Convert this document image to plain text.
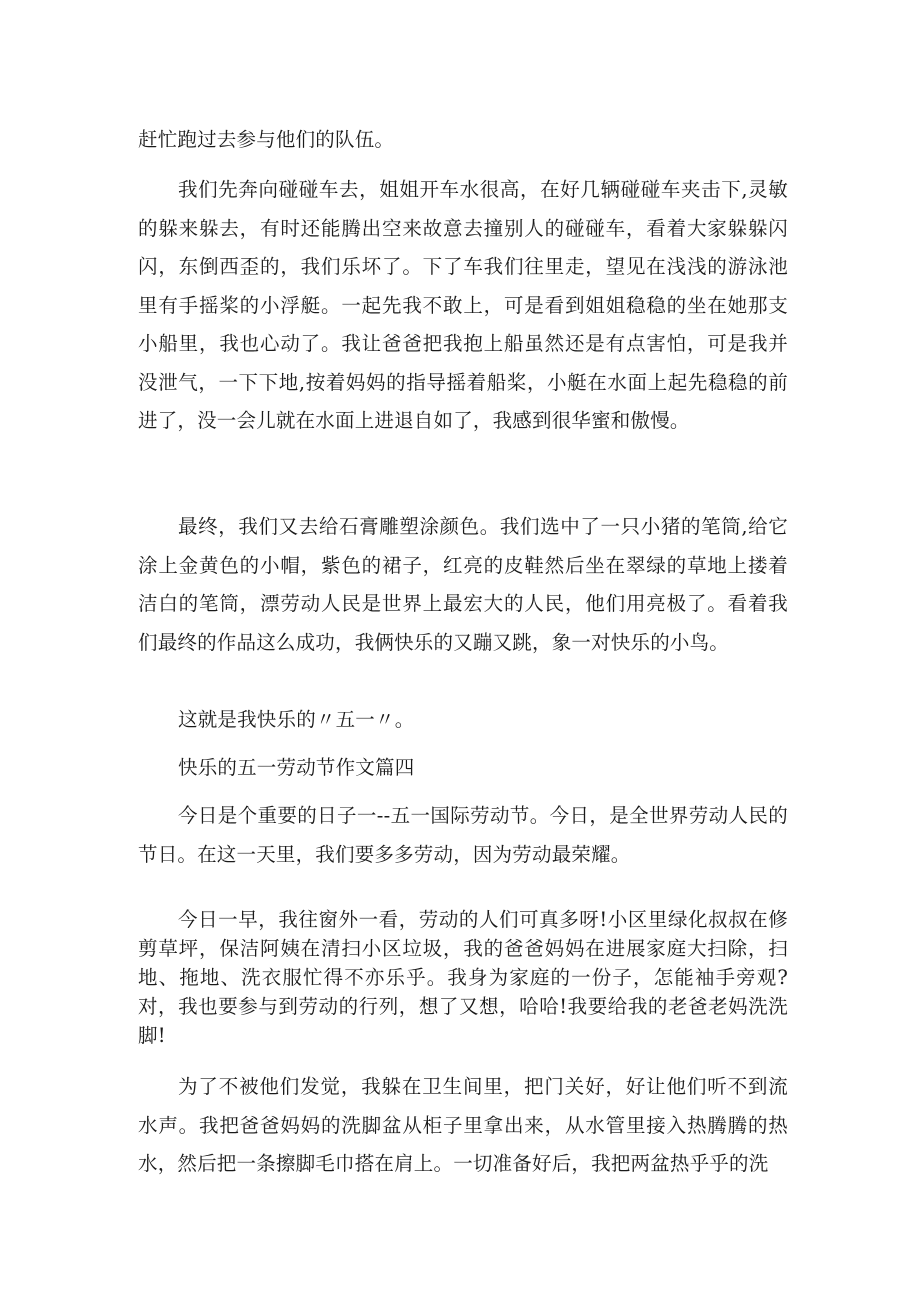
赶忙跑过去参与他们的队伍。

我们先奔向碰碰车去，姐姐开车水很高，在好几辆碰碰车夹击下,灵敏的躲来躲去，有时还能腾出空来故意去撞别人的碰碰车，看着大家躲躲闪闪，东倒西歪的，我们乐坏了。下了车我们往里走，望见在浅浅的游泳池里有手摇桨的小浮艇。一起先我不敢上，可是看到姐姐稳稳的坐在她那支小船里，我也心动了。我让爸爸把我抱上船虽然还是有点害怕，可是我并没泄气，一下下地,按着妈妈的指导摇着船桨，小艇在水面上起先稳稳的前进了，没一会儿就在水面上进退自如了，我感到很华蜜和傲慢。

最终，我们又去给石膏雕塑涂颜色。我们选中了一只小猪的笔筒,给它涂上金黄色的小帽，紫色的裙子，红亮的皮鞋然后坐在翠绿的草地上搂着洁白的笔筒，漂劳动人民是世界上最宏大的人民，他们用亮极了。看着我们最终的作品这么成功，我俩快乐的又蹦又跳，象一对快乐的小鸟。

这就是我快乐的〃五一〃。

快乐的五一劳动节作文篇四

今日是个重要的日子一--五一国际劳动节。今日，是全世界劳动人民的节日。在这一天里，我们要多多劳动，因为劳动最荣耀。

今日一早，我往窗外一看，劳动的人们可真多呀!小区里绿化叔叔在修剪草坪，保洁阿姨在清扫小区垃圾，我的爸爸妈妈在进展家庭大扫除，扫地、拖地、洗衣服忙得不亦乐乎。我身为家庭的一份子，怎能袖手旁观?对，我也要参与到劳动的行列，想了又想，哈哈!我要给我的老爸老妈洗洗脚!

为了不被他们发觉，我躲在卫生间里，把门关好，好让他们听不到流水声。我把爸爸妈妈的洗脚盆从柜子里拿出来，从水管里接入热腾腾的热水，然后把一条擦脚毛巾搭在肩上。一切准备好后，我把两盆热乎乎的洗
